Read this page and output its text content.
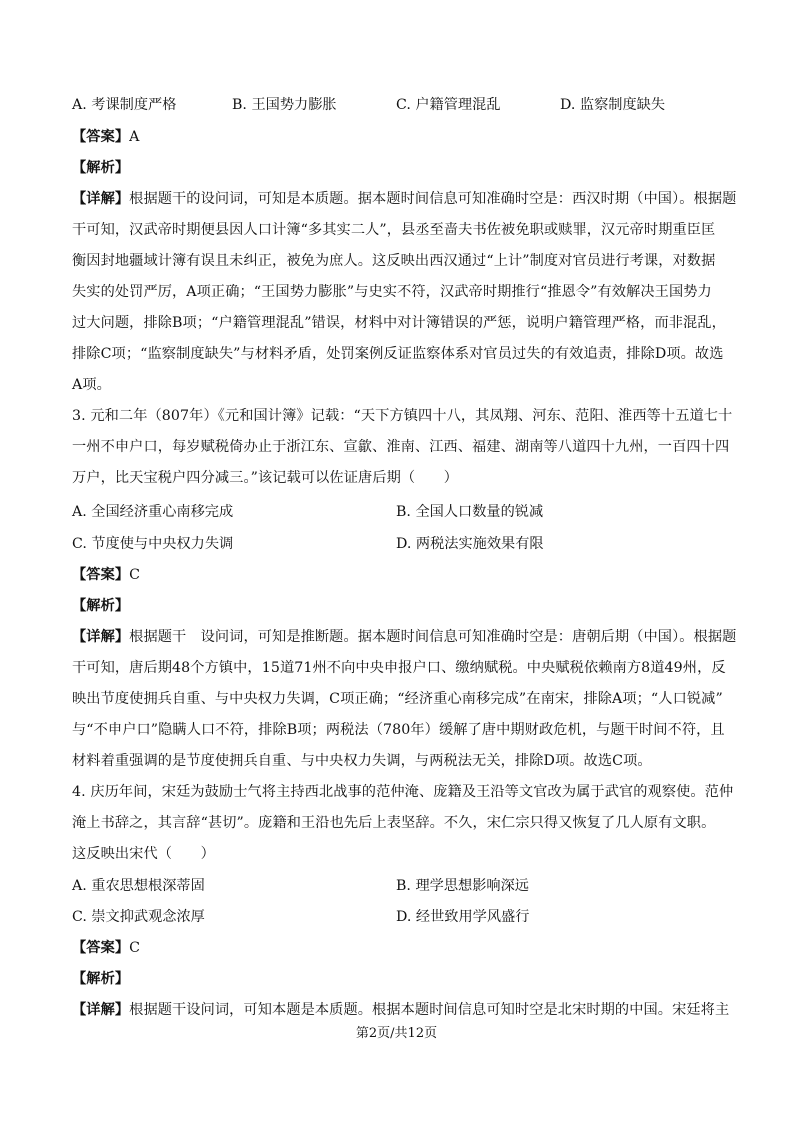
A. 考课制度严格	B. 王国势力膨胀	C. 户籍管理混乱	D. 监察制度缺失
【答案】A
【解析】
【详解】根据题干的设问词，可知是本质题。据本题时间信息可知准确时空是：西汉时期（中国）。根据题
干可知，汉武帝时期便县因人口计簿“多其实二人”，县丞至啬夫书佐被免职或赎罪，汉元帝时期重臣匡
衡因封地疆域计簿有误且未纠正，被免为庶人。这反映出西汉通过“上计”制度对官员进行考课，对数据
失实的处罚严厉，A项正确；“王国势力膨胀”与史实不符，汉武帝时期推行“推恩令”有效解决王国势力
过大问题，排除B项；“户籍管理混乱”错误，材料中对计簿错误的严惩，说明户籍管理严格，而非混乱，
排除C项；“监察制度缺失”与材料矛盾，处罚案例反证监察体系对官员过失的有效追责，排除D项。故选
A项。
3. 元和二年（807年）《元和国计簿》记载：“天下方镇四十八，其凤翔、河东、范阳、淮西等十五道七十
一州不申户口，每岁赋税倚办止于浙江东、宣歙、淮南、江西、福建、湖南等八道四十九州，一百四十四
万户，比天宝税户四分减三。”该记载可以佐证唐后期（　　）
A. 全国经济重心南移完成	B. 全国人口数量的锐减
C. 节度使与中央权力失调	D. 两税法实施效果有限
【答案】C
【解析】
【详解】根据题干　设问词，可知是推断题。据本题时间信息可知准确时空是：唐朝后期（中国）。根据题
干可知，唐后期48个方镇中，15道71州不向中央申报户口、缴纳赋税。中央赋税依赖南方8道49州，反
映出节度使拥兵自重、与中央权力失调，C项正确；“经济重心南移完成”在南宋，排除A项；“人口锐减”
与“不申户口”隐瞒人口不符，排除B项；两税法（780年）缓解了唐中期财政危机，与题干时间不符，且
材料着重强调的是节度使拥兵自重、与中央权力失调，与两税法无关，排除D项。故选C项。
4. 庆历年间，宋廷为鼓励士气将主持西北战事的范仲淹、庞籍及王沿等文官改为属于武官的观察使。范仲
淹上书辞之，其言辞“甚切”。庞籍和王沿也先后上表坚辞。不久，宋仁宗只得又恢复了几人原有文职。
这反映出宋代（　　）
A. 重农思想根深蒂固	B. 理学思想影响深远
C. 崇文抑武观念浓厚	D. 经世致用学风盛行
【答案】C
【解析】
【详解】根据题干设问词，可知本题是本质题。根据本题时间信息可知时空是北宋时期的中国。宋廷将主
第2页/共12页
